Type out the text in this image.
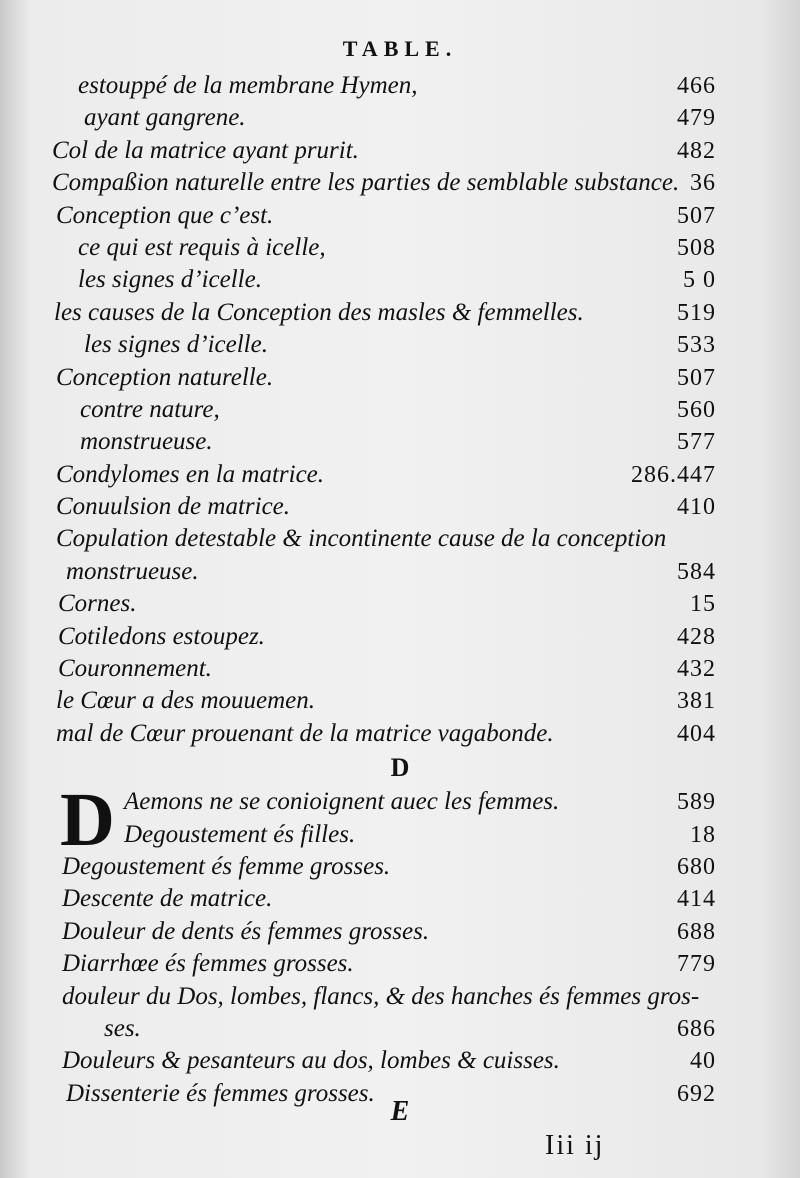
TABLE.
estouppé de la membrane Hymen,	466
ayant gangrene.	479
Col de la matrice ayant prurit.	482
Compaßion naturelle entre les parties de semblable substance. 36
Conception que c’est.	507
ce qui est requis à icelle,	508
les signes d’icelle.	5 0
les causes de la Conception des masles & femmelles.	519
les signes d’icelle.	533
Conception naturelle.	507
contre nature,	560
monstrueuse.	577
Condylomes en la matrice.	286.447
Conuulsion de matrice.	410
Copulation detestable & incontinente cause de la conception
monstrueuse.	584
Cornes.	15
Cotiledons estoupez.	428
Couronnement.	432
le Cœur a des mouuemen.	381
mal de Cœur prouenant de la matrice vagabonde.	404
D
D Aemons ne se conioignent auec les femmes.	589
Degoustement és filles.	18
Degoustement és femme grosses.	680
Descente de matrice.	414
Douleur de dents és femmes grosses.	688
Diarrhœe és femmes grosses.	779
douleur du Dos, lombes, flancs, & des hanches és femmes gros-
ses.	686
Douleurs & pesanteurs au dos, lombes & cuisses.	40
Dissenterie és femmes grosses.	692
E
Iii ij
